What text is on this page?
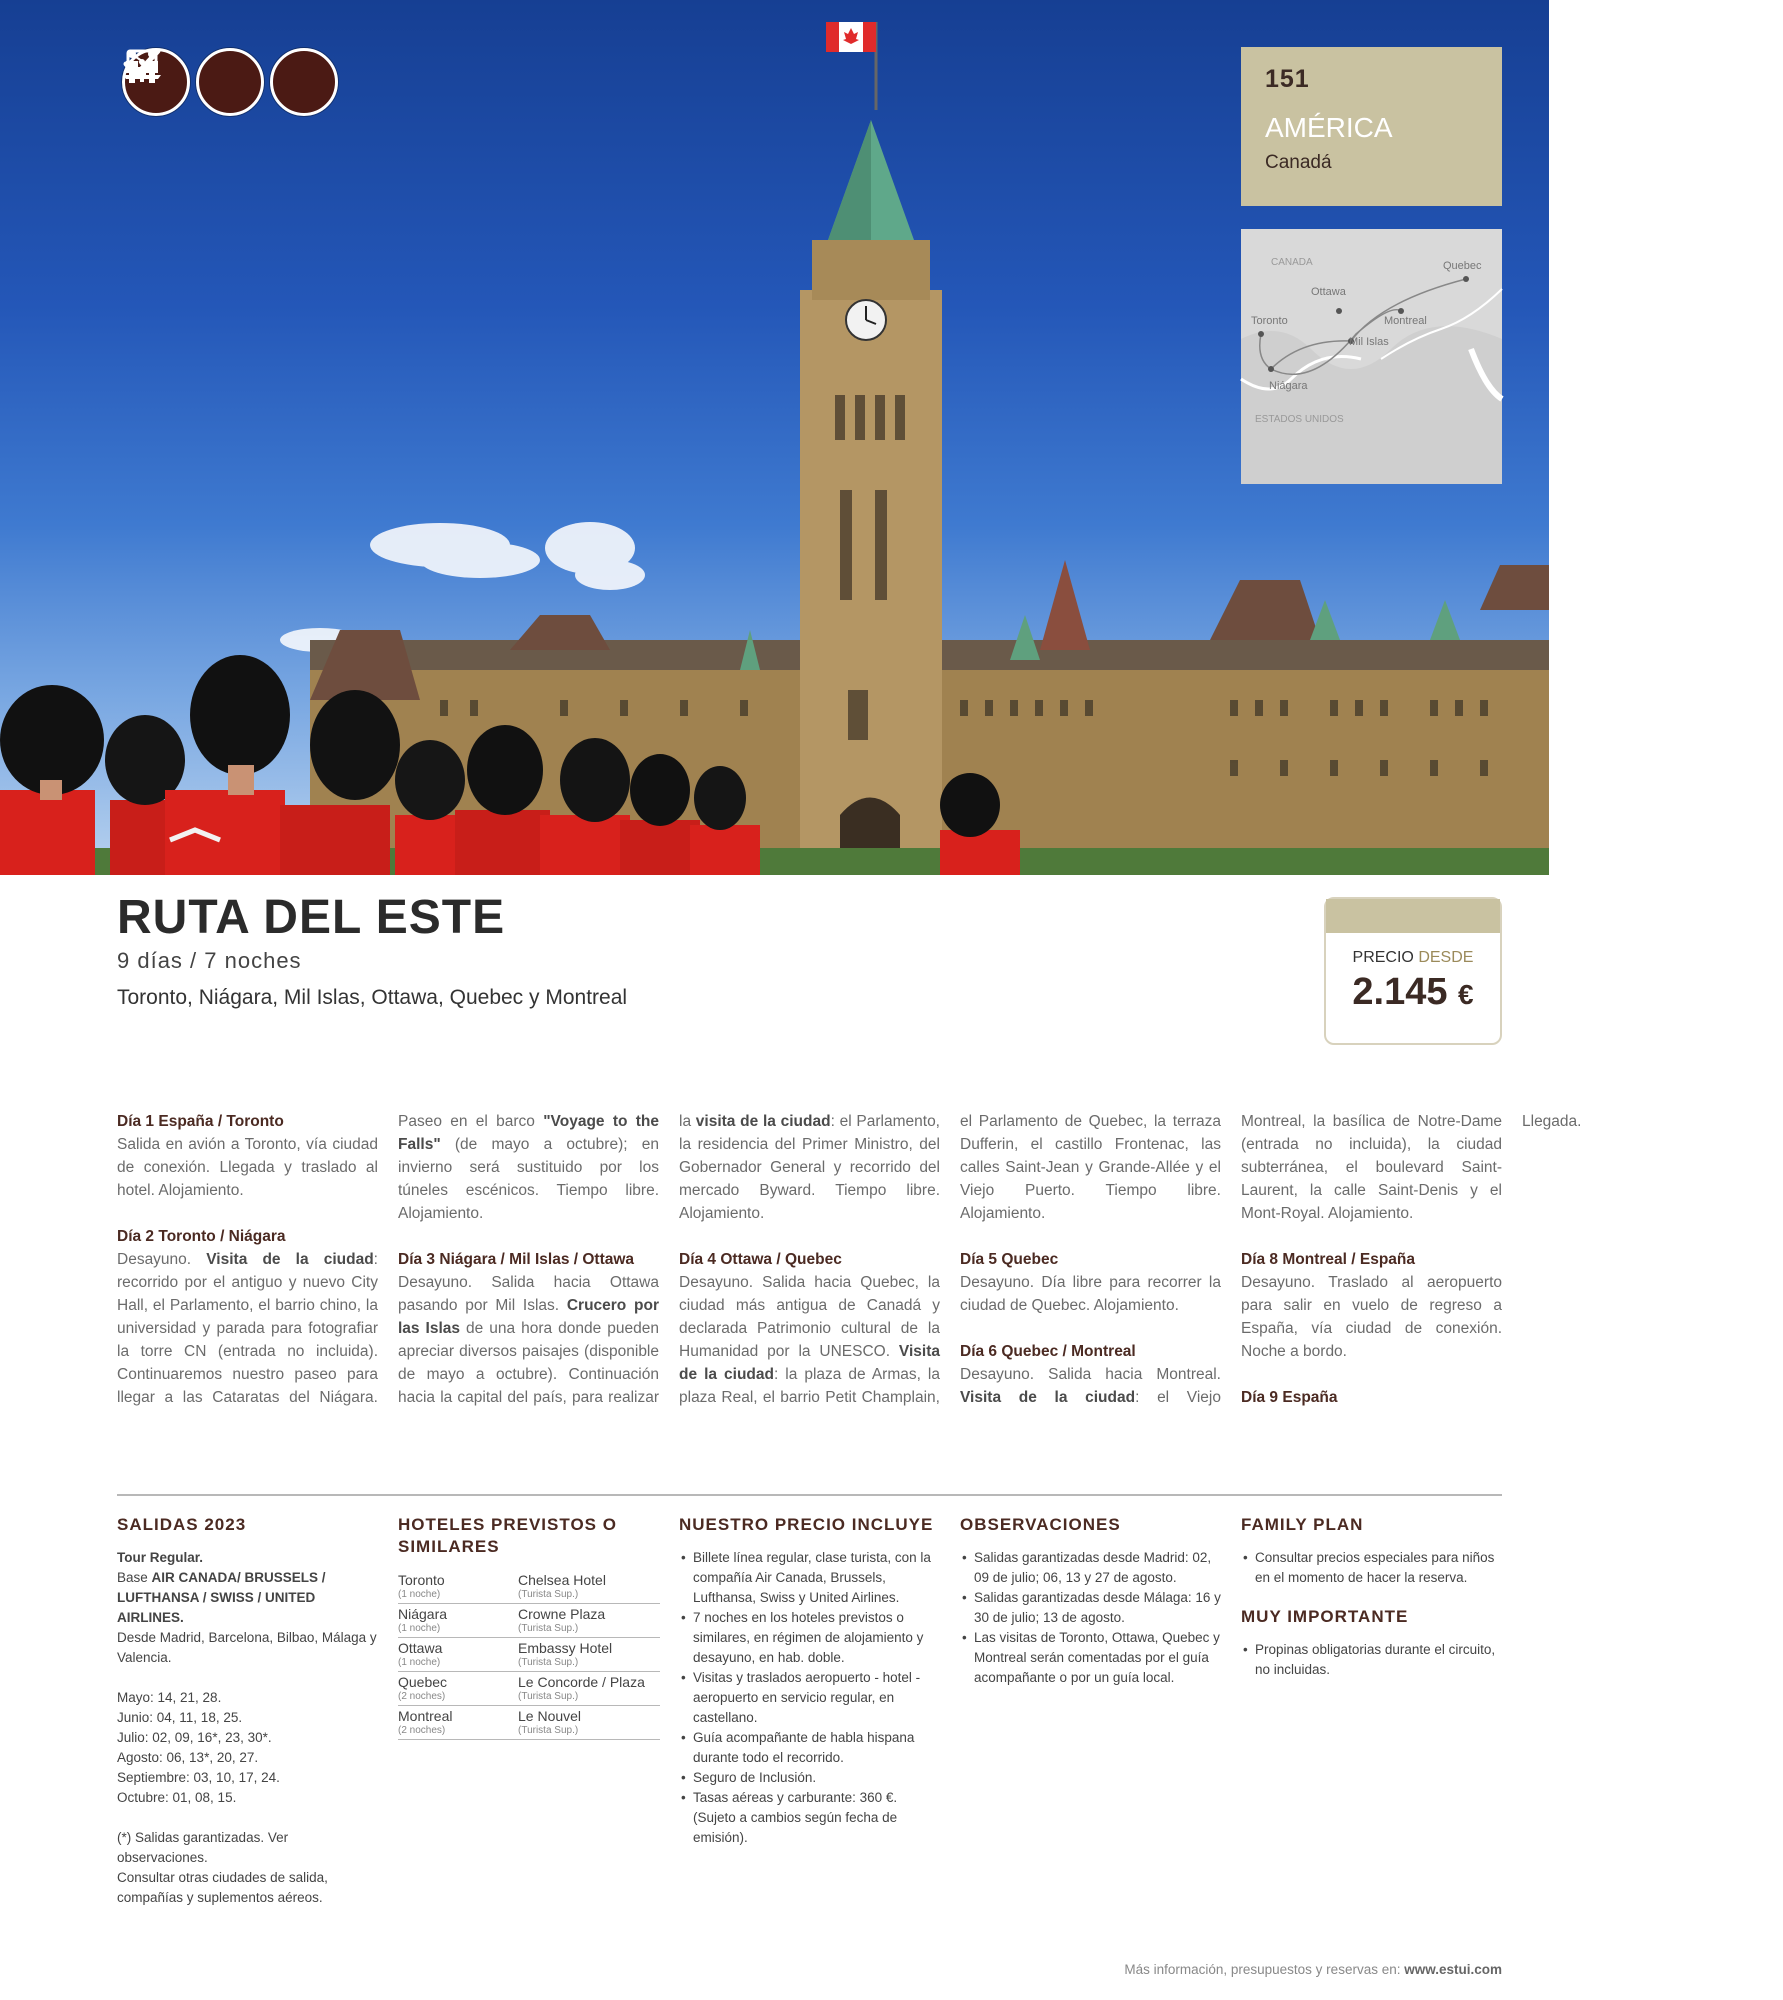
151
AMÉRICA
Canadá
CANADA
ESTADOS UNIDOS
Toronto
Niágara
Mil Islas
Ottawa
Montreal
Quebec
RUTA DEL ESTE
9 días / 7 noches
Toronto, Niágara, Mil Islas, Ottawa, Quebec y Montreal
PRECIO DESDE
2.145 €
Día 1 España / Toronto
Salida en avión a Toronto, vía ciudad de conexión. Llegada y traslado al hotel. Alojamiento.
Día 2 Toronto / Niágara
Desayuno. Visita de la ciudad: recorrido por el antiguo y nuevo City Hall, el Parlamento, el barrio chino, la universidad y parada para fotografiar la torre CN (entrada no incluida). Continuaremos nuestro paseo para llegar a las Cataratas del Niágara. Paseo en el barco "Voyage to the Falls" (de mayo a octubre); en invierno será sustituido por los túneles escénicos. Tiempo libre. Alojamiento.
Día 3 Niágara / Mil Islas / Ottawa
Desayuno. Salida hacia Ottawa pasando por Mil Islas. Crucero por las Islas de una hora donde pueden apreciar diversos paisajes (disponible de mayo a octubre). Continuación hacia la capital del país, para realizar la visita de la ciudad: el Parlamento, la residencia del Primer Ministro, del Gobernador General y recorrido del mercado Byward. Tiempo libre. Alojamiento.
Día 4 Ottawa / Quebec
Desayuno. Salida hacia Quebec, la ciudad más antigua de Canadá y declarada Patrimonio cultural de la Humanidad por la UNESCO. Visita de la ciudad: la plaza de Armas, la plaza Real, el barrio Petit Champlain, el Parlamento de Quebec, la terraza Dufferin, el castillo Frontenac, las calles Saint-Jean y Grande-Allée y el Viejo Puerto. Tiempo libre. Alojamiento.
Día 5 Quebec
Desayuno. Día libre para recorrer la ciudad de Quebec. Alojamiento.
Día 6 Quebec / Montreal
Desayuno. Salida hacia Montreal. Visita de la ciudad: el Viejo Montreal, la basílica de Notre-Dame (entrada no incluida), la ciudad subterránea, el boulevard Saint-Laurent, la calle Saint-Denis y el Mont-Royal. Alojamiento.
Día 8 Montreal / España
Desayuno. Traslado al aeropuerto para salir en vuelo de regreso a España, vía ciudad de conexión. Noche a bordo.
Día 9 España
Llegada.
SALIDAS 2023

Tour Regular.

Base AIR CANADA/ BRUSSELS / LUFTHANSA / SWISS / UNITED AIRLINES.

Desde Madrid, Barcelona, Bilbao, Málaga y Valencia.

Mayo: 14, 21, 28.

Junio: 04, 11, 18, 25.

Julio: 02, 09, 16*, 23, 30*.

Agosto: 06, 13*, 20, 27.

Septiembre: 03, 10, 17, 24.

Octubre: 01, 08, 15.

(*) Salidas garantizadas. Ver observaciones.

Consultar otras ciudades de salida, compañías y suplementos aéreos.

HOTELES PREVISTOS O SIMILARES
Toronto
(1 noche)	Chelsea Hotel
(Turista Sup.)

Niágara
(1 noche)	Crowne Plaza
(Turista Sup.)

Ottawa
(1 noche)	Embassy Hotel
(Turista Sup.)

Quebec
(2 noches)	Le Concorde / Plaza
(Turista Sup.)

Montreal
(2 noches)	Le Nouvel
(Turista Sup.)
NUESTRO PRECIO INCLUYE
• Billete línea regular, clase turista, con la compañía Air Canada, Brussels, Lufthansa, Swiss y United Airlines.
• 7 noches en los hoteles previstos o similares, en régimen de alojamiento y desayuno, en hab. doble.
• Visitas y traslados aeropuerto - hotel - aeropuerto en servicio regular, en castellano.
• Guía acompañante de habla hispana durante todo el recorrido.
• Seguro de Inclusión.
• Tasas aéreas y carburante: 360 €. (Sujeto a cambios según fecha de emisión).
OBSERVACIONES
• Salidas garantizadas desde Madrid: 02, 09 de julio; 06, 13 y 27 de agosto.
• Salidas garantizadas desde Málaga: 16 y 30 de julio; 13 de agosto.
• Las visitas de Toronto, Ottawa, Quebec y Montreal serán comentadas por el guía acompañante o por un guía local.
FAMILY PLAN
• Consultar precios especiales para niños en el momento de hacer la reserva.
MUY IMPORTANTE
• Propinas obligatorias durante el circuito, no incluidas.
Más información, presupuestos y reservas en: www.estui.com
